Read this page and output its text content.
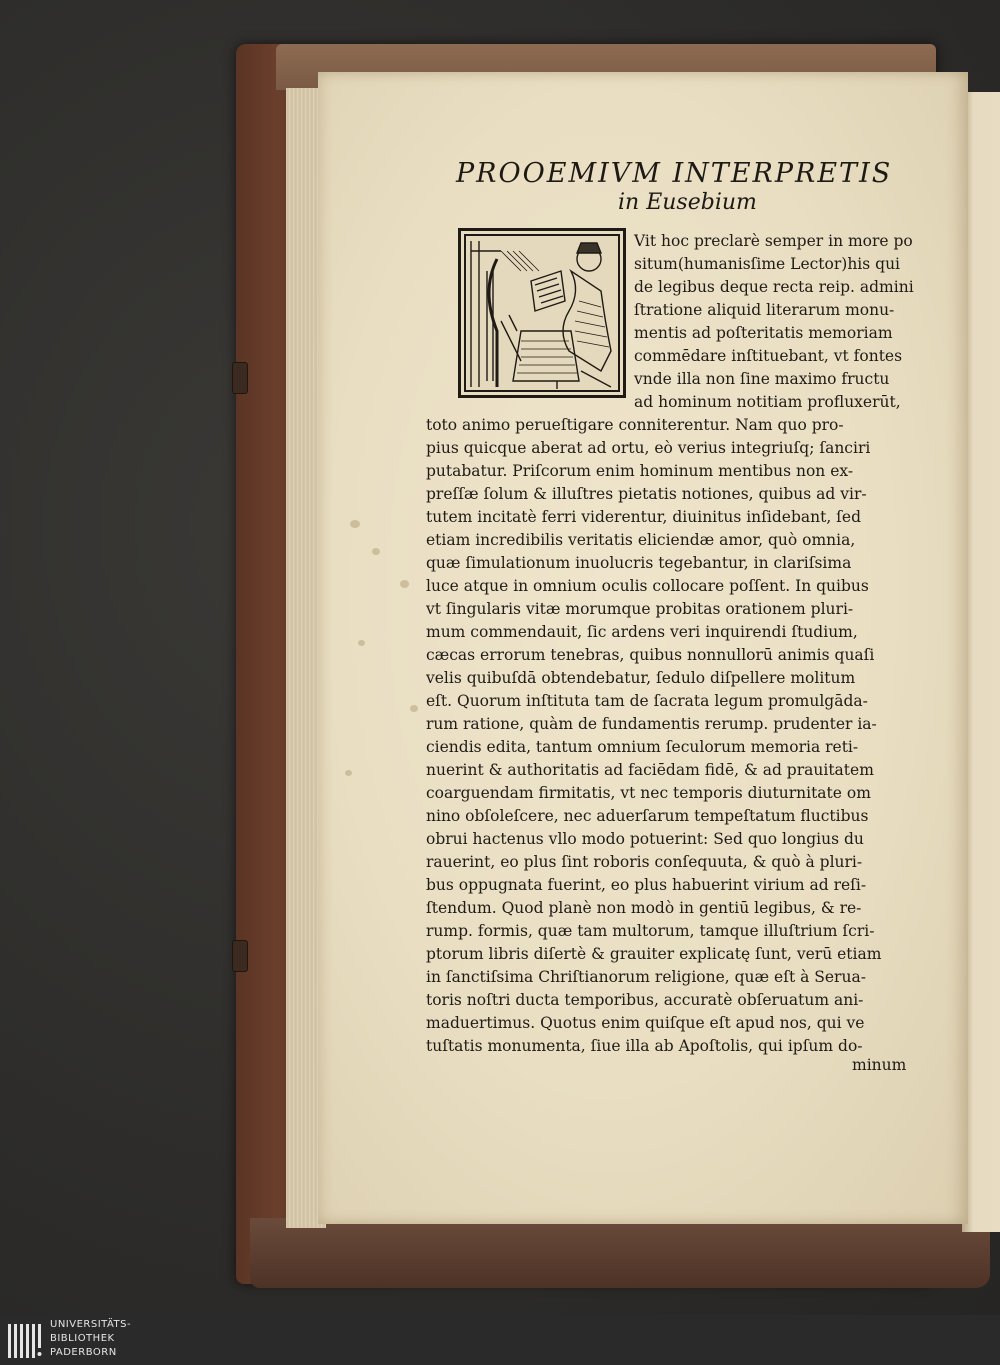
PROOEMIVM INTERPRETIS
in Eusebium
Vit hoc preclarè semper in more po
situm(humanisſime Lector)his qui
de legibus deque recta reip. admini
ſtratione aliquid literarum monu-
mentis ad poſteritatis memoriam
commēdare inſtituebant, vt fontes
vnde illa non ſine maximo fructu
ad hominum notitiam profluxerūt,
toto animo perueſtigare conniterentur. Nam quo pro-
pius quicque aberat ad ortu, eò verius integriuſq; ſanciri
putabatur. Priſcorum enim hominum mentibus non ex-
preſſæ ſolum & illuſtres pietatis notiones, quibus ad vir-
tutem incitatè ferri viderentur, diuinitus inſidebant, ſed
etiam incredibilis veritatis eliciendæ amor, quò omnia,
quæ ſimulationum inuolucris tegebantur, in clariſsima
luce atque in omnium oculis collocare poſſent. In quibus
vt ſingularis vitæ morumque probitas orationem pluri-
mum commendauit, ſic ardens veri inquirendi ſtudium,
cæcas errorum tenebras, quibus nonnullorū animis quaſi
velis quibuſdā obtendebatur, ſedulo diſpellere molitum
eſt. Quorum inſtituta tam de ſacrata legum promulgāda-
rum ratione, quàm de fundamentis rerump. prudenter ia-
ciendis edita, tantum omnium ſeculorum memoria reti-
nuerint & authoritatis ad faciēdam fidē, & ad prauitatem
coarguendam firmitatis, vt nec temporis diuturnitate om
nino obſoleſcere, nec aduerſarum tempeſtatum fluctibus
obrui hactenus vllo modo potuerint: Sed quo longius du
rauerint, eo plus ſint roboris conſequuta, & quò à pluri-
bus oppugnata fuerint, eo plus habuerint virium ad reſi-
ſtendum. Quod planè non modò in gentiū legibus, & re-
rump. formis, quæ tam multorum, tamque illuſtrium ſcri-
ptorum libris diſertè & grauiter explicatę ſunt, verū etiam
in ſanctiſsima Chriſtianorum religione, quæ eſt à Serua-
toris noſtri ducta temporibus, accuratè obſeruatum ani-
maduertimus. Quotus enim quiſque eſt apud nos, qui ve
tuſtatis monumenta, ſiue illa ab Apoſtolis, qui ipſum do-
minum
UNIVERSITÄTS-
BIBLIOTHEK
PADERBORN
